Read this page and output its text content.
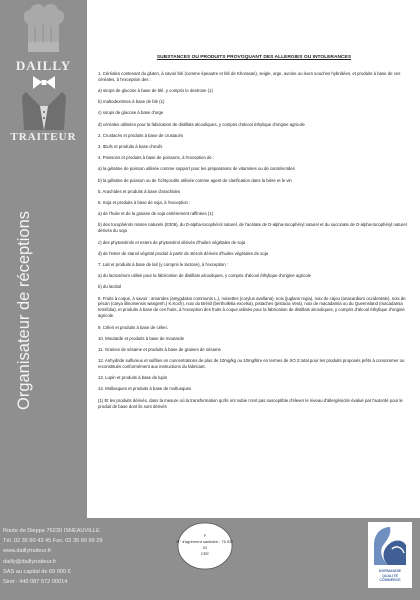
DAILLY
TRAITEUR
Organisateur de réceptions
SUBSTANCES OU PRODUITS PROVOQUANT DES ALLERGIES OU INTOLERANCES

1. Céréales contenant du gluten, à savoir blé (comme épeautre et blé de Khorasan), seigle, orge, avoine ou leurs souches hybridées, et produits à base de ces céréales, à l'exception des :

a) sirops de glucose à base de blé, y compris le dextrose (1)

b) maltodextrines à base de blé (1)

c) sirops de glucose à base d'orge

d) céréales utilisées pour la fabrication de distillats alcooliques, y compris d'alcool éthylique d'origine agricole

2. Crustacés et produits à base de crustacés

3. Œufs et produits à base d'œufs

4. Poissons et produits à base de poissons, à l'exception de :

a) la gélatine de poisson utilisée comme support pour les préparations de vitamines ou de caroténoïdes

b) la gélatine de poisson ou de l'ichtyocolle utilisée comme agent de clarification dans la bière et le vin

5. Arachides et produits à base d'arachides

6. Soja et produits à base de soja, à l'exception :

a) de l'huile et de la graisse de soja entièrement raffinées (1)

b) des tocophérols mixtes naturels (E306), du D-alpha-tocophérol naturel, de l'acétate de D-alpha-tocophéryl naturel et du succinate de D-alpha-tocophéryl naturel dérivés du soja

c) des phytostérols et esters de phytostérol dérivés d'huiles végétales de soja

d) de l'ester de stanol végétal produit à partir de stérols dérivés d'huiles végétales de soja

7. Lait et produits à base de lait (y compris le lactose), à l'exception :

a) du lactosérum utilisé pour la fabrication de distillats alcooliques, y compris d'alcool éthylique d'origine agricole

b) du lactitol

8. Fruits à coque, à savoir : amandes (amygdalus communis L.), noisettes (corylus avellana), noix (juglans regia), noix de cajou (anacardium occidentale), noix de pécan (carya illinoinensis wangenh.) K.Koch), noix du Brésil (bertholletia excelsa), pistaches (pistacia Vera), noix de macadamia ou du Queensland (macadamia ternifolia), et produits à base de ces fruits, à l'exception des fruits à coque utilisés pour la fabrication de distillats alcooliques, y compris d'alcool éthylique d'origine agricole.

9. Céleri et produits à base de céleri.

10. Moutarde et produits à base de moutarde

11. Graines de sésame et produits à base de graines de sésame

12. Anhydride sulfureux et sulfites en concentrations de plus de 10mg/kg ou 10mg/litre en termes de SO 2 total pour les produits proposés prêts à consommer ou reconstitués conformément aux instructions du fabricant.

13. Lupin et produits à base de lupin

14. Mollusques et produits à base de mollusques

(1) Et les produits dérivés, dans la mesure où la transformation qu'ils ont subie n'est pas susceptible d'élever le niveau d'allergénicité évalué par l'autorité pour le produit de base dont ils sont dérivés

Route de Dieppe 76230 ISNEAUVILLE
Tél. 02 35 60 43 45 Fax. 02 35 60 99 29
www.daillytraiteur.fr
dailly@daillytraiteur.fr
SAS au capital de 69 000 €
Siret : 440 087 572 00014
F
N° d'agrément sanitaire : 76 537 02
CEE
NORMANDIE
QUALITÉ
COMMERCE
